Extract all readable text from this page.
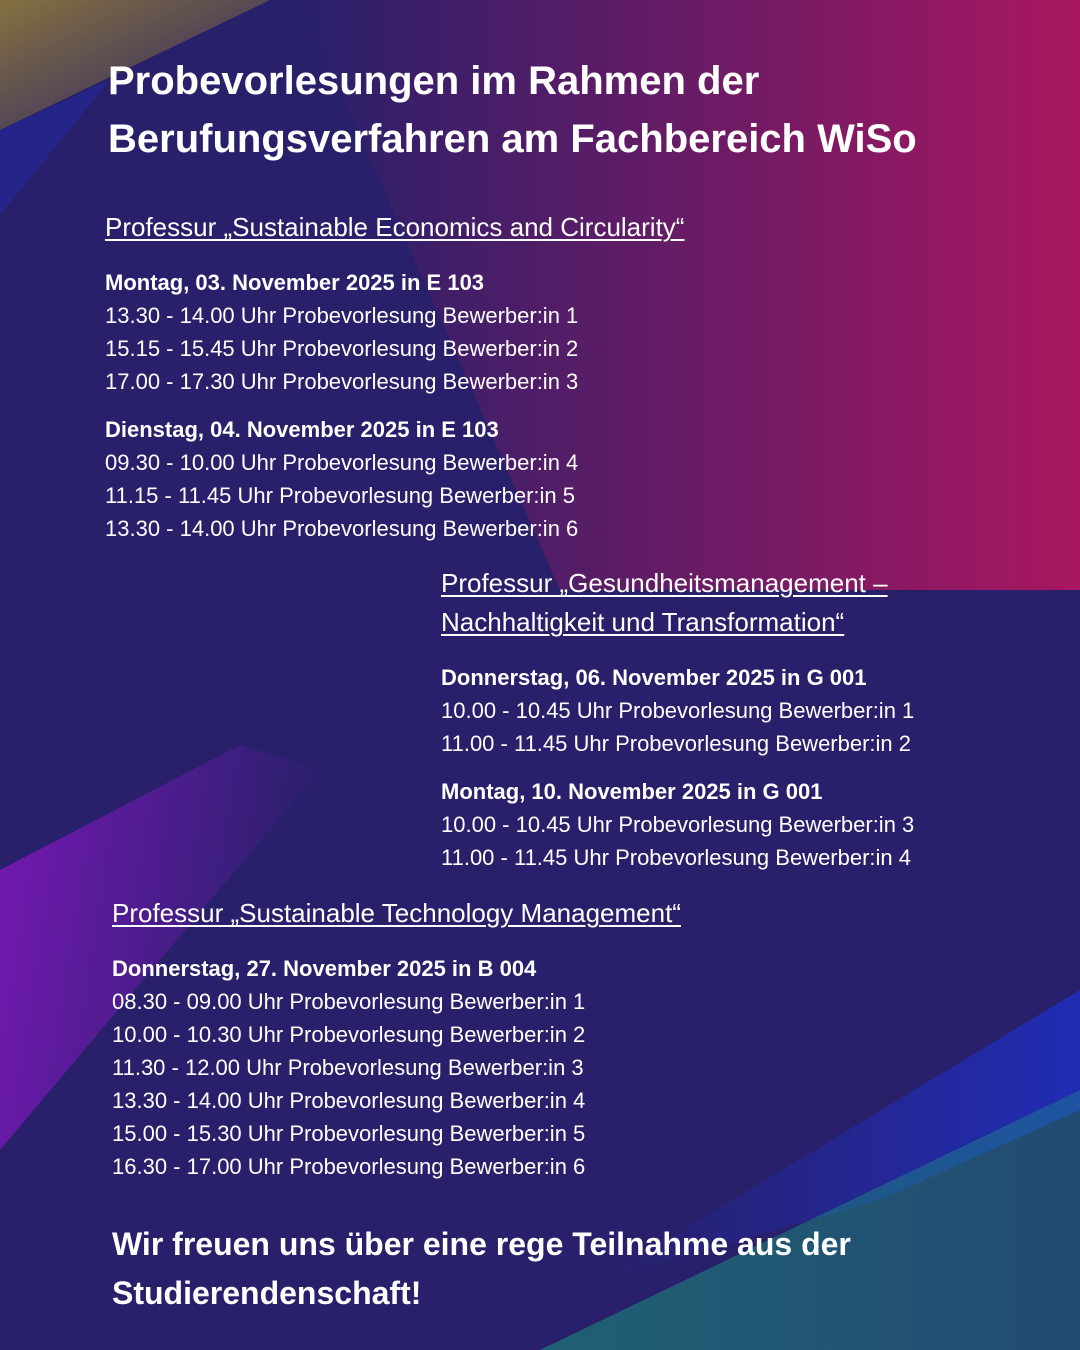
Probevorlesungen im Rahmen der Berufungsverfahren am Fachbereich WiSo

Professur „Sustainable Economics and Circularity“

Montag, 03. November 2025 in E 103

13.30 - 14.00 Uhr Probevorlesung Bewerber:in 1

15.15 - 15.45 Uhr Probevorlesung Bewerber:in 2

17.00 - 17.30 Uhr Probevorlesung Bewerber:in 3

Dienstag, 04. November 2025 in E 103

09.30 - 10.00 Uhr Probevorlesung Bewerber:in 4

11.15 - 11.45 Uhr Probevorlesung Bewerber:in 5

13.30 - 14.00 Uhr Probevorlesung Bewerber:in 6

Professur „Gesundheitsmanagement – Nachhaltigkeit und Transformation“

Donnerstag, 06. November 2025 in G 001

10.00 - 10.45 Uhr Probevorlesung Bewerber:in 1

11.00 - 11.45 Uhr Probevorlesung Bewerber:in 2

Montag, 10. November 2025 in G 001

10.00 - 10.45 Uhr Probevorlesung Bewerber:in 3

11.00 - 11.45 Uhr Probevorlesung Bewerber:in 4

Professur „Sustainable Technology Management“

Donnerstag, 27. November 2025 in B 004

08.30 - 09.00 Uhr Probevorlesung Bewerber:in 1

10.00 - 10.30 Uhr Probevorlesung Bewerber:in 2

11.30 - 12.00 Uhr Probevorlesung Bewerber:in 3

13.30 - 14.00 Uhr Probevorlesung Bewerber:in 4

15.00 - 15.30 Uhr Probevorlesung Bewerber:in 5

16.30 - 17.00 Uhr Probevorlesung Bewerber:in 6

Wir freuen uns über eine rege Teilnahme aus der Studierendenschaft!
